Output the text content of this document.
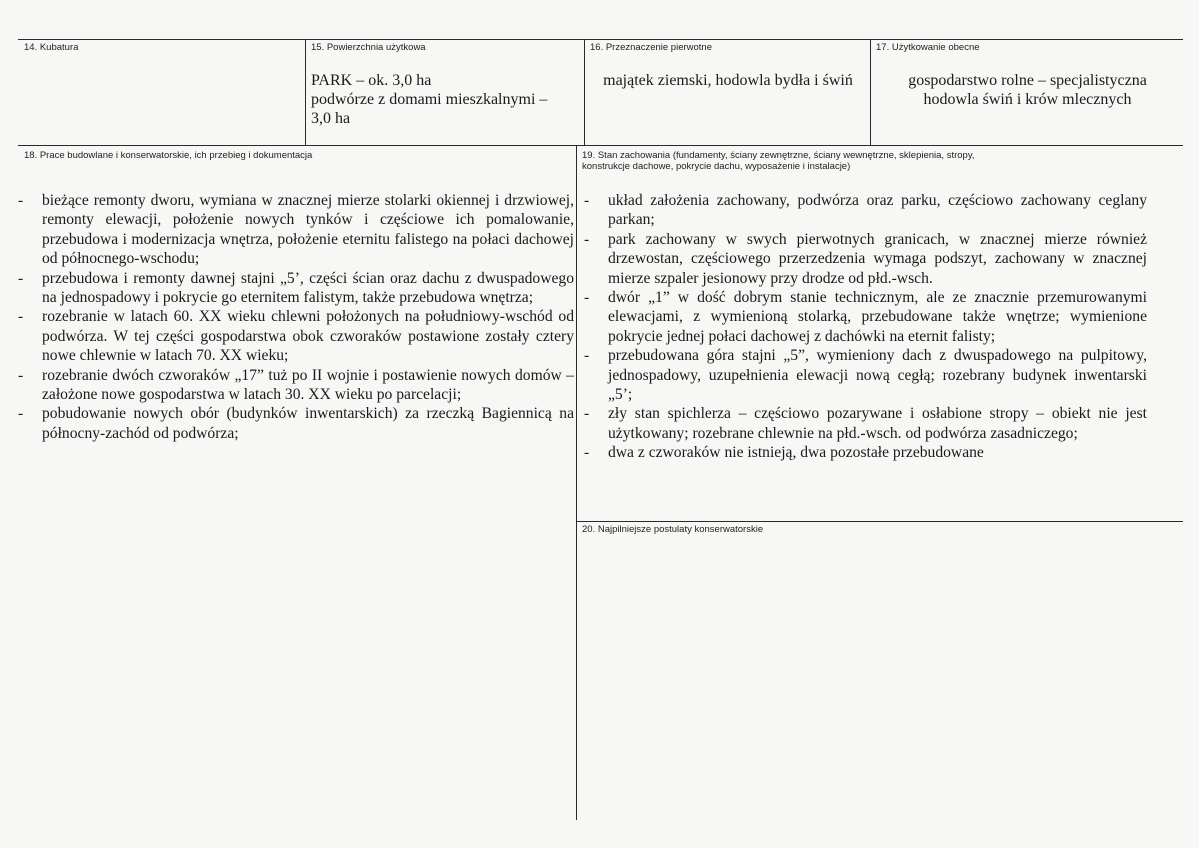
14. Kubatura	15. Powierzchnia użytkowa
PARK – ok. 3,0 ha
podwórze z domami mieszkalnymi –
3,0 ha
16. Przeznaczenie pierwotne
majątek ziemski, hodowla bydła i świń
17. Użytkowanie obecne
gospodarstwo rolne – specjalistyczna
hodowla świń i krów mlecznych
18. Prace budowlane i konserwatorskie, ich przebieg i dokumentacja
- bieżące remonty dworu, wymiana w znacznej mierze stolarki okiennej i drzwiowej, remonty elewacji, położenie nowych tynków i częściowe ich pomalowanie, przebudowa i modernizacja wnętrza, położenie eternitu falistego na połaci dachowej od północnego-wschodu;
- przebudowa i remonty dawnej stajni „5’, części ścian oraz dachu z dwuspadowego na jednospadowy i pokrycie go eternitem falistym, także przebudowa wnętrza;
- rozebranie w latach 60. XX wieku chlewni położonych na południowy-wschód od podwórza. W tej części gospodarstwa obok czworaków postawione zostały cztery nowe chlewnie w latach 70. XX wieku;
- rozebranie dwóch czworaków „17” tuż po II wojnie i postawienie nowych domów – założone nowe gospodarstwa w latach 30. XX wieku po parcelacji;
- pobudowanie nowych obór (budynków inwentarskich) za rzeczką Bagiennicą na północny-zachód od podwórza;
19. Stan zachowania (fundamenty, ściany zewnętrzne, ściany wewnętrzne, sklepienia, stropy,
konstrukcje dachowe, pokrycie dachu, wyposażenie i instalacje)
- układ założenia zachowany, podwórza oraz parku, częściowo zachowany ceglany parkan;
- park zachowany w swych pierwotnych granicach, w znacznej mierze również drzewostan, częściowego przerzedzenia wymaga podszyt, zachowany w znacznej mierze szpaler jesionowy przy drodze od płd.-wsch.
- dwór „1” w dość dobrym stanie technicznym, ale ze znacznie przemurowanymi elewacjami, z wymienioną stolarką, przebudowane także wnętrze; wymienione pokrycie jednej połaci dachowej z dachówki na eternit falisty;
- przebudowana góra stajni „5”, wymieniony dach z dwuspadowego na pulpitowy, jednospadowy, uzupełnienia elewacji nową cegłą; rozebrany budynek inwentarski „5’;
- zły stan spichlerza – częściowo pozarywane i osłabione stropy – obiekt nie jest użytkowany; rozebrane chlewnie na płd.-wsch. od podwórza zasadniczego;
- dwa z czworaków nie istnieją, dwa pozostałe przebudowane
20. Najpilniejsze postulaty konserwatorskie
